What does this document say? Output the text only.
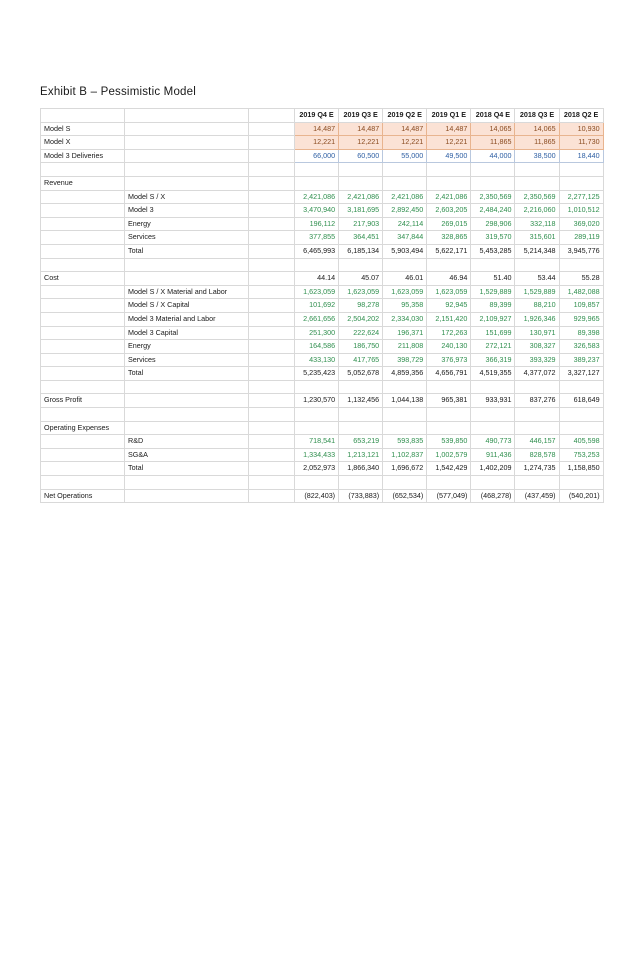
Exhibit B – Pessimistic Model
			2019 Q4 E	2019 Q3 E	2019 Q2 E	2019 Q1 E	2018 Q4 E	2018 Q3 E	2018 Q2 E
Model S			14,487	14,487	14,487	14,487	14,065	14,065	10,930
Model X			12,221	12,221	12,221	12,221	11,865	11,865	11,730
Model 3 Deliveries			66,000	60,500	55,000	49,500	44,000	38,500	18,440

Revenue									
	Model S / X		2,421,086	2,421,086	2,421,086	2,421,086	2,350,569	2,350,569	2,277,125
	Model 3		3,470,940	3,181,695	2,892,450	2,603,205	2,484,240	2,216,060	1,010,512
	Energy		196,112	217,903	242,114	269,015	298,906	332,118	369,020
	Services		377,855	364,451	347,844	328,865	319,570	315,601	289,119
	Total		6,465,993	6,185,134	5,903,494	5,622,171	5,453,285	5,214,348	3,945,776

Cost			44.14	45.07	46.01	46.94	51.40	53.44	55.28
	Model S / X Material and Labor		1,623,059	1,623,059	1,623,059	1,623,059	1,529,889	1,529,889	1,482,088
	Model S / X Capital		101,692	98,278	95,358	92,945	89,399	88,210	109,857
	Model 3 Material and Labor		2,661,656	2,504,202	2,334,030	2,151,420	2,109,927	1,926,346	929,965
	Model 3 Capital		251,300	222,624	196,371	172,263	151,699	130,971	89,398
	Energy		164,586	186,750	211,808	240,130	272,121	308,327	326,583
	Services		433,130	417,765	398,729	376,973	366,319	393,329	389,237
	Total		5,235,423	5,052,678	4,859,356	4,656,791	4,519,355	4,377,072	3,327,127

Gross Profit			1,230,570	1,132,456	1,044,138	965,381	933,931	837,276	618,649

Operating Expenses									
	R&D		718,541	653,219	593,835	539,850	490,773	446,157	405,598
	SG&A		1,334,433	1,213,121	1,102,837	1,002,579	911,436	828,578	753,253
	Total		2,052,973	1,866,340	1,696,672	1,542,429	1,402,209	1,274,735	1,158,850

Net Operations			(822,403)	(733,883)	(652,534)	(577,049)	(468,278)	(437,459)	(540,201)
